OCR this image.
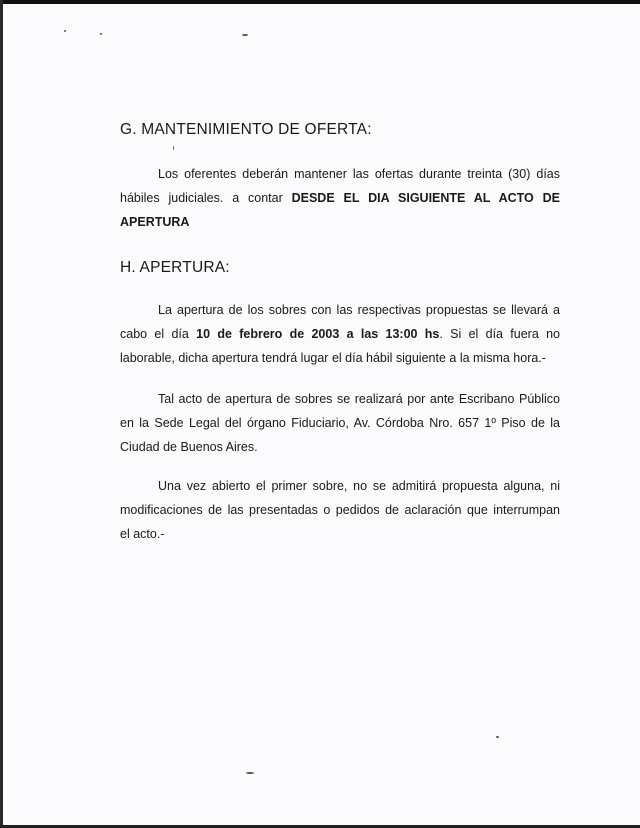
G. MANTENIMIENTO DE OFERTA:
Los oferentes deberán mantener las ofertas durante treinta (30) días
hábiles judiciales. a contar DESDE EL DIA SIGUIENTE AL ACTO DE
APERTURA
H. APERTURA:
La apertura de los sobres con las respectivas propuestas se llevará a
cabo el día 10 de febrero de 2003 a las 13:00 hs. Si el día fuera no
laborable, dicha apertura tendrá lugar el día hábil siguiente a la misma hora.-
Tal acto de apertura de sobres se realizará por ante Escribano Público
en la Sede Legal del órgano Fiduciario, Av. Córdoba Nro. 657 1º Piso de la
Ciudad de Buenos Aires.
Una vez abierto el primer sobre, no se admitirá propuesta alguna, ni
modificaciones de las presentadas o pedidos de aclaración que interrumpan
el acto.-
